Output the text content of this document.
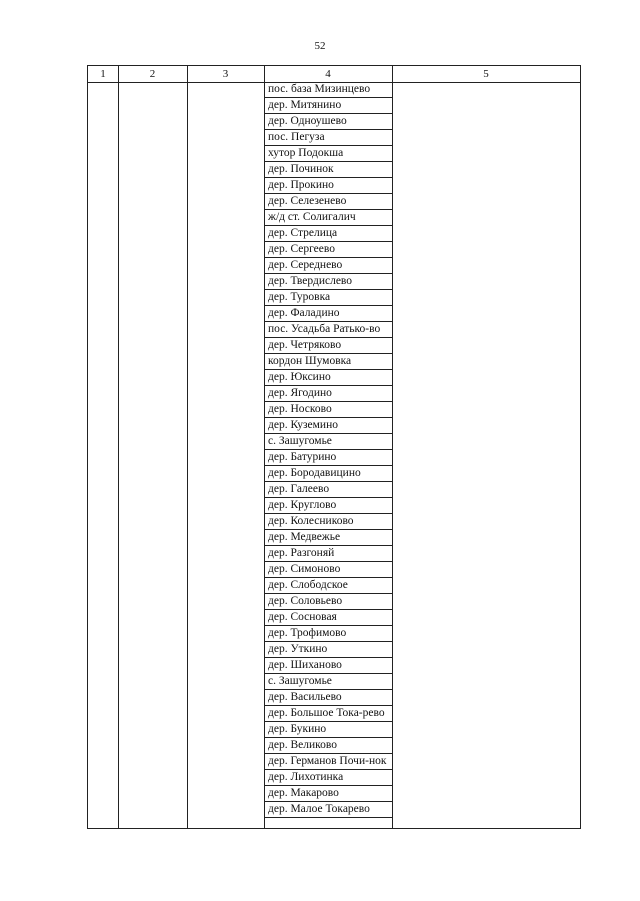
52
1	2	3	4	5
пос. база Мизинцево
дер. Митянино
дер. Одноушево
пос. Пегуза
хутор Подокша
дер. Починок
дер. Прокино
дер. Селезенево
ж/д ст. Солигалич
дер. Стрелица
дер. Сергеево
дер. Середнево
дер. Твердислево
дер. Туровка
дер. Фаладино
пос. Усадьба Ратько-во
дер. Четряково
кордон Шумовка
дер. Юксино
дер. Ягодино
дер. Носково
дер. Куземино
с. Зашугомье
дер. Батурино
дер. Бородавицино
дер. Галеево
дер. Круглово
дер. Колесниково
дер. Медвежье
дер. Разгоняй
дер. Симоново
дер. Слободское
дер. Соловьево
дер. Сосновая
дер. Трофимово
дер. Уткино
дер. Шиханово
с. Зашугомье
дер. Васильево
дер. Большое Тока-рево
дер. Букино
дер. Великово
дер. Германов Почи-нок
дер. Лихотинка
дер. Макарово
дер. Малое Токарево
